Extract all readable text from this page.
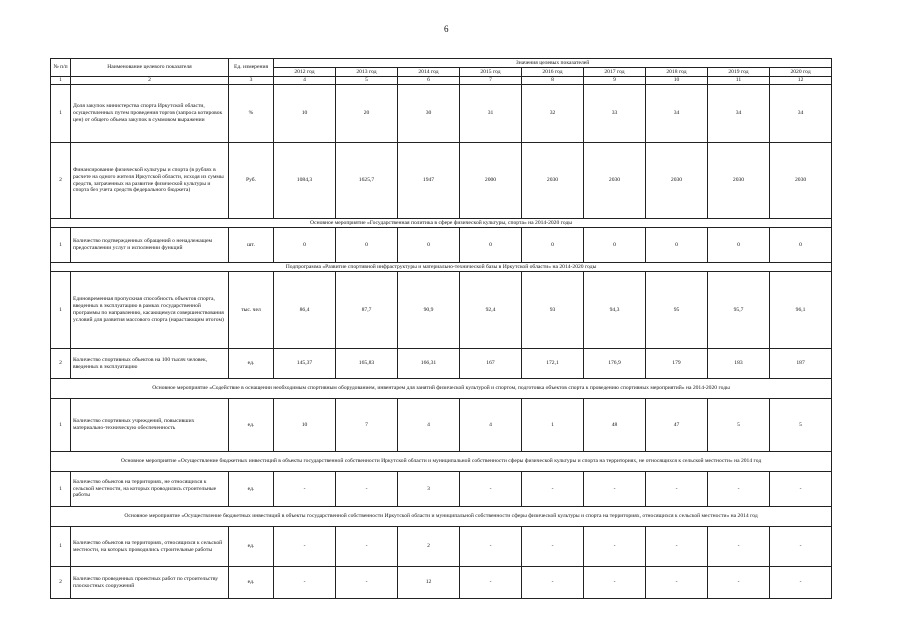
6
№ п/п	Наименование целевого показателя	Ед. измерения	Значения целевых показателей								
			2012 год	2013 год	2014 год	2015 год	2016 год	2017 год	2018 год	2019 год	2020 год
1	2	3	4	5	6	7	8	9	10	11	12
1	Доля закупок министерства спорта Иркутской области, осуществленных путем проведения торгов (запроса котировок цен) от общего объема закупок в суммовом выражении	%	10	20	30	31	32	33	34	34	34
2	Финансирование физической культуры и спорта (в рублях в расчете на одного жителя Иркутской области, исходя из суммы средств, затраченных на развитие физической культуры и спорта без учета средств федерального бюджета)	Руб.	1084,3	1625,7	1947	2000	2030	2030	2030	2030	2030
Основное мероприятие «Государственная политика в сфере физической культуры, спорта» на 2014-2020 годы											
1	Количество подтвержденных обращений о ненадлежащем предоставлении услуг и исполнении функций	шт.	0	0	0	0	0	0	0	0	0
Подпрограмма «Развитие спортивной инфраструктуры и материально-технической базы в Иркутской области» на 2014-2020 годы											
1	Единовременная пропускная способность объектов спорта, введенных в эксплуатацию в рамках государственной программы по направлению, касающемуся совершенствования условий для развития массового спорта (нарастающим итогом)	тыс. чел	86,4	87,7	90,9	92,4	93	94,3	95	95,7	96,1
2	Количество спортивных объектов на 100 тысяч человек, введенных в эксплуатацию	ед.	145,37	165,83	166,31	167	172,1	176,9	179	183	187
Основное мероприятие «Содействие в оснащении необходимым спортивным оборудованием, инвентарем для занятий физической культурой и спортом, подготовка объектов спорта к проведению спортивных мероприятий» на 2014-2020 годы											
1	Количество спортивных учреждений, повысивших материально-техническую обеспеченность	ед.	10	7	4	4	1	48	47	5	5
Основное мероприятие «Осуществление бюджетных инвестиций в объекты государственной собственности Иркутской области и муниципальной собственности сферы физической культуры и спорта на территориях, не относящихся к сельской местности» на 2014 год											
1	Количество объектов на территориях, не относящихся к сельской местности, на которых проводились строительные работы	ед.	-	-	3	-	-	-	-	-	-
Основное мероприятие «Осуществление бюджетных инвестиций в объекты государственной собственности Иркутской области и муниципальной собственности сферы физической культуры и спорта на территориях, относящихся к сельской местности» на 2014 год											
1	Количество объектов на территориях, относящихся к сельской местности, на которых проводились строительные работы	ед.	-	-	2	-	-	-	-	-	-
2	Количество проведенных проектных работ по строительству плоскостных сооружений	ед.	-	-	12	-	-	-	-	-	-
